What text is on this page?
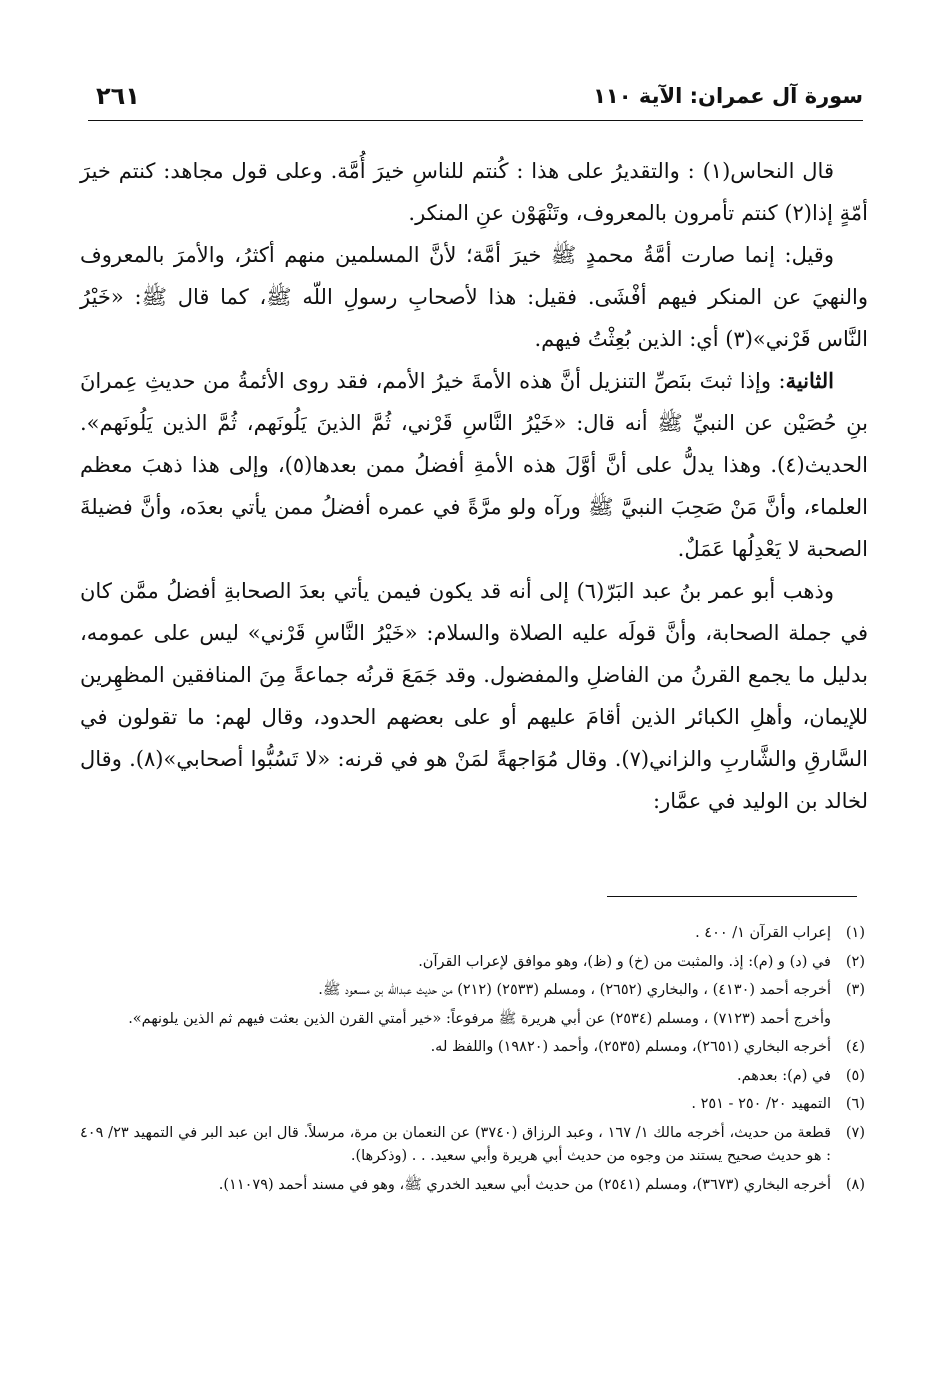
سورة آل عمران: الآية ١١٠
٢٦١

قال النحاس(١) : والتقديرُ على هذا : كُنتم للناسِ خيرَ أُمَّة. وعلى قول مجاهد: كنتم خيرَ أمّةٍ إذا(٢) كنتم تأمرون بالمعروف، وتَنْهَوْن عنِ المنكر.

وقيل: إنما صارت أمَّةُ محمدٍ ﷺ خيرَ أمَّة؛ لأنَّ المسلمين منهم أكثرُ، والأمرَ بالمعروف والنهيَ عن المنكر فيهم أفْشَى. فقيل: هذا لأصحابِ رسولِ اللّه ﷺ، كما قال ﷺ: «خَيْرُ النَّاس قَرْني»(٣) أي: الذين بُعِثْتُ فيهم.

الثانية: وإذا ثبتَ بنَصِّ التنزيل أنَّ هذه الأمةَ خيرُ الأمم، فقد روى الأئمةُ من حديثِ عِمرانَ بنِ حُصَيْن عن النبيِّ ﷺ أنه قال: «خَيْرُ النَّاسِ قَرْني، ثُمَّ الذينَ يَلُونَهم، ثُمَّ الذين يَلُونَهم». الحديث(٤). وهذا يدلُّ على أنَّ أوَّلَ هذه الأمةِ أفضلُ ممن بعدها(٥)، وإلى هذا ذهبَ معظم العلماء، وأنَّ مَنْ صَحِبَ النبيَّ ﷺ ورآه ولو مرَّةً في عمره أفضلُ ممن يأتي بعدَه، وأنَّ فضيلةَ الصحبة لا يَعْدِلُها عَمَلٌ.

وذهب أبو عمر بنُ عبد البَرّ(٦) إلى أنه قد يكون فيمن يأتي بعدَ الصحابةِ أفضلُ ممَّن كان في جملة الصحابة، وأنَّ قولَه عليه الصلاة والسلام: «خَيْرُ النَّاسِ قَرْني» ليس على عمومه، بدليل ما يجمع القرنُ من الفاضلِ والمفضول. وقد جَمَعَ قرنُه جماعةً مِنَ المنافقين المظهِرين للإيمان، وأهلِ الكبائر الذين أقامَ عليهم أو على بعضهم الحدود، وقال لهم: ما تقولون في السَّارقِ والشَّاربِ والزاني(٧). وقال مُوَاجهةً لمَنْ هو في قرنه: «لا تَسُبُّوا أصحابي»(٨). وقال لخالد بن الوليد في عمَّار:

(١)إعراب القرآن ١/ ٤٠٠ .

(٢)في (د) و (م): إذ. والمثبت من (خ) و (ظ)، وهو موافق لإعراب القرآن.

(٣)أخرجه أحمد (٤١٣٠) ، والبخاري (٢٦٥٢) ، ومسلم (٢٥٣٣) (٢١٢) من حديث عبدالله بن مسعود ﷺ.

وأخرج أحمد (٧١٢٣) ، ومسلم (٢٥٣٤) عن أبي هريرة ﷺ مرفوعاً: «خير أمتي القرن الذين بعثت فيهم ثم الذين يلونهم».

(٤)أخرجه البخاري (٢٦٥١)، ومسلم (٢٥٣٥)، وأحمد (١٩٨٢٠) واللفظ له.

(٥)في (م): بعدهم.

(٦)التمهيد ٢٠/ ٢٥٠ - ٢٥١ .

(٧)قطعة من حديث، أخرجه مالك ١/ ١٦٧ ، وعبد الرزاق (٣٧٤٠) عن النعمان بن مرة، مرسلاً. قال ابن عبد البر في التمهيد ٢٣/ ٤٠٩ : هو حديث صحيح يستند من وجوه من حديث أبي هريرة وأبي سعيد. . . (وذكرها).

(٨)أخرجه البخاري (٣٦٧٣)، ومسلم (٢٥٤١) من حديث أبي سعيد الخدري ﷺ، وهو في مسند أحمد (١١٠٧٩).
